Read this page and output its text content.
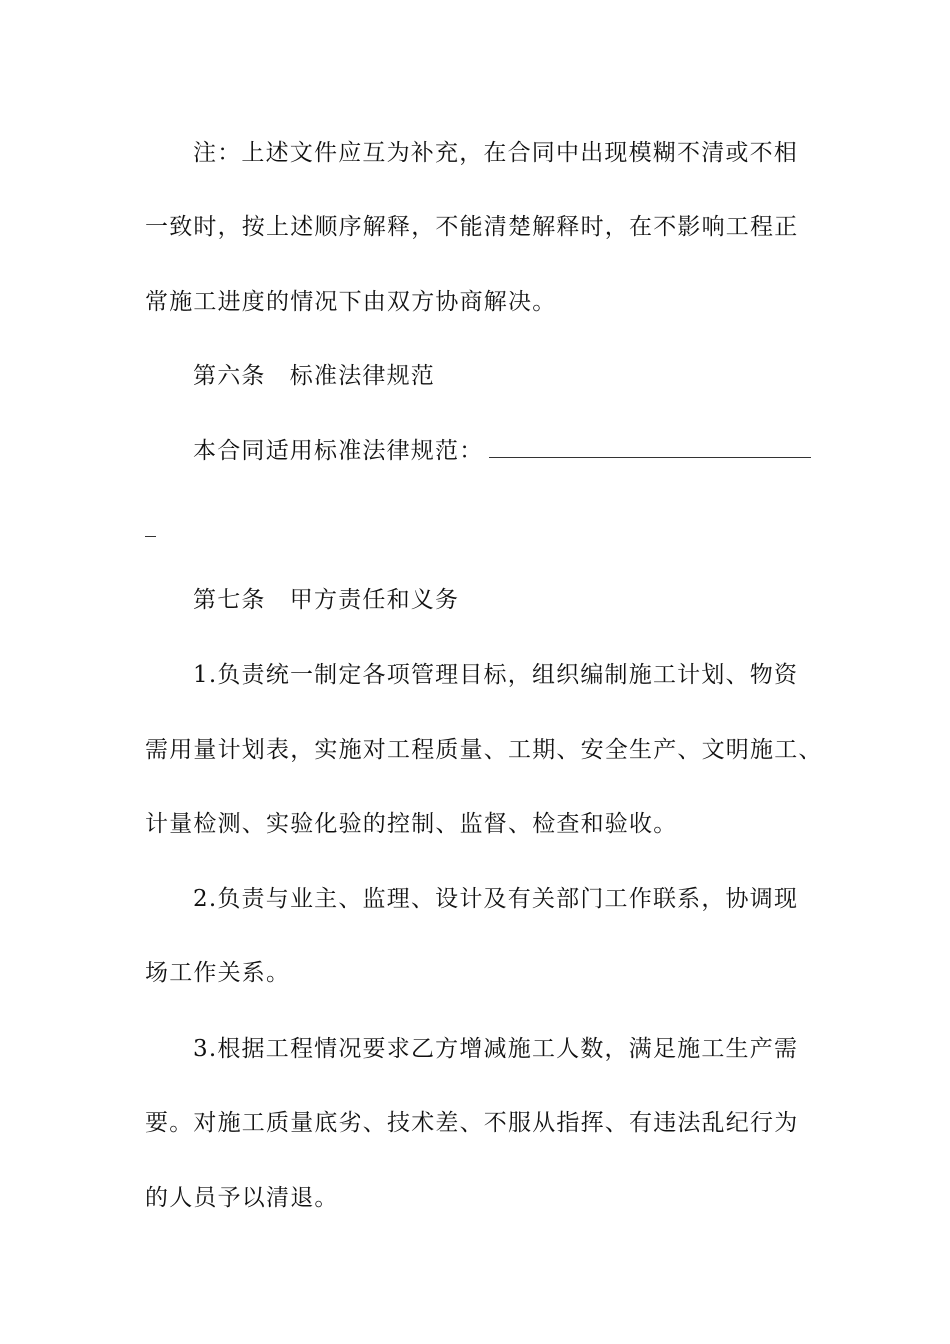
注：上述文件应互为补充，在合同中出现模糊不清或不相
一致时，按上述顺序解释，不能清楚解释时，在不影响工程正
常施工进度的情况下由双方协商解决。
第六条　标准法律规范
本合同适用标准法律规范：
第七条　甲方责任和义务
1.负责统一制定各项管理目标，组织编制施工计划、物资
需用量计划表，实施对工程质量、工期、安全生产、文明施工、
计量检测、实验化验的控制、监督、检查和验收。
2.负责与业主、监理、设计及有关部门工作联系，协调现
场工作关系。
3.根据工程情况要求乙方增减施工人数，满足施工生产需
要。对施工质量底劣、技术差、不服从指挥、有违法乱纪行为
的人员予以清退。
